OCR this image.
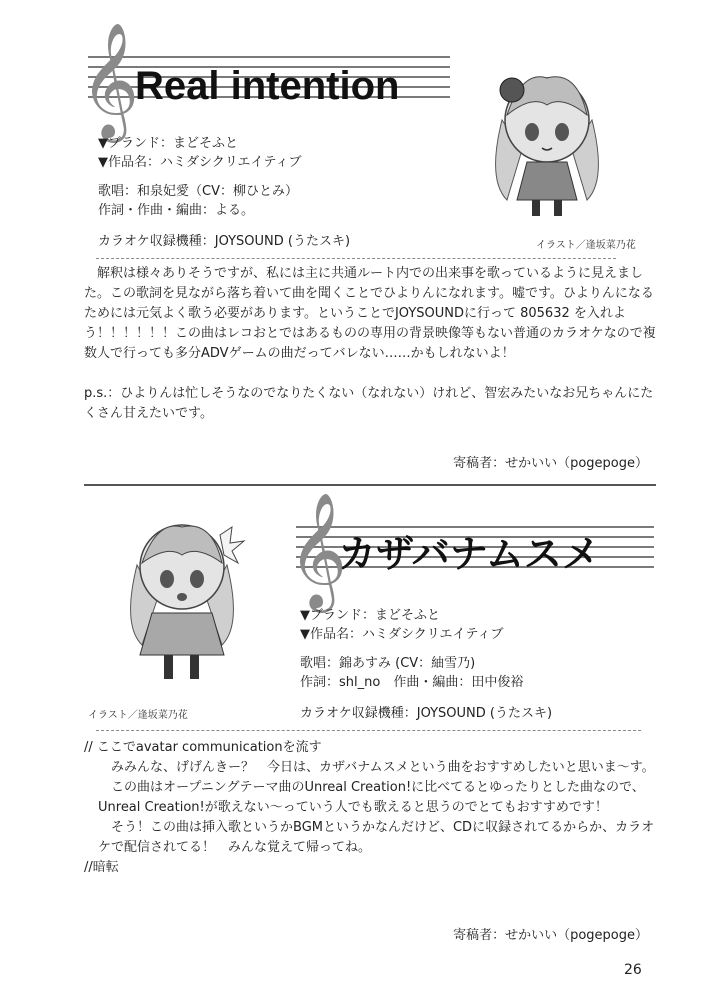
𝄞
Real intention
▼ブランド：まどそふと
▼作品名：ハミダシクリエイティブ
歌唱：和泉妃愛（CV：柳ひとみ）
作詞・作曲・編曲：よる。
カラオケ収録機種：JOYSOUND (うたスキ)	イラスト／逢坂菜乃花

解釈は様々ありそうですが、私には主に共通ルート内での出来事を歌っているように見えました。この歌詞を見ながら落ち着いて曲を聞くことでひよりんになれます。嘘です。ひよりんになるためには元気よく歌う必要があります。ということでJOYSOUNDに行って 805632 を入れよう！！！！！！この曲はレコおとではあるものの専用の背景映像等もない普通のカラオケなので複数人で行っても多分ADVゲームの曲だってバレない……かもしれないよ！

p.s.：ひよりんは忙しそうなのでなりたくない（なれない）けれど、智宏みたいなお兄ちゃんにたくさん甘えたいです。

寄稿者：せかいい（pogepoge）
𝄞
カザバナムスメ
▼ブランド：まどそふと
▼作品名：ハミダシクリエイティブ
歌唱：錦あすみ (CV：紬雪乃)
作詞：shl_no　作曲・編曲：田中俊裕
カラオケ収録機種：JOYSOUND (うたスキ)
イラスト／逢坂菜乃花

// ここでavatar communicationを流す

　みみんな、げげんきー？　今日は、カザバナムスメという曲をおすすめしたいと思いま～す。

　この曲はオープニングテーマ曲のUnreal Creation!に比べてるとゆったりとした曲なので、Unreal Creation!が歌えない～っていう人でも歌えると思うのでとてもおすすめです！

　そう！この曲は挿入歌というかBGMというかなんだけど、CDに収録されてるからか、カラオケで配信されてる！　みんな覚えて帰ってね。

//暗転

寄稿者：せかいい（pogepoge）
26
